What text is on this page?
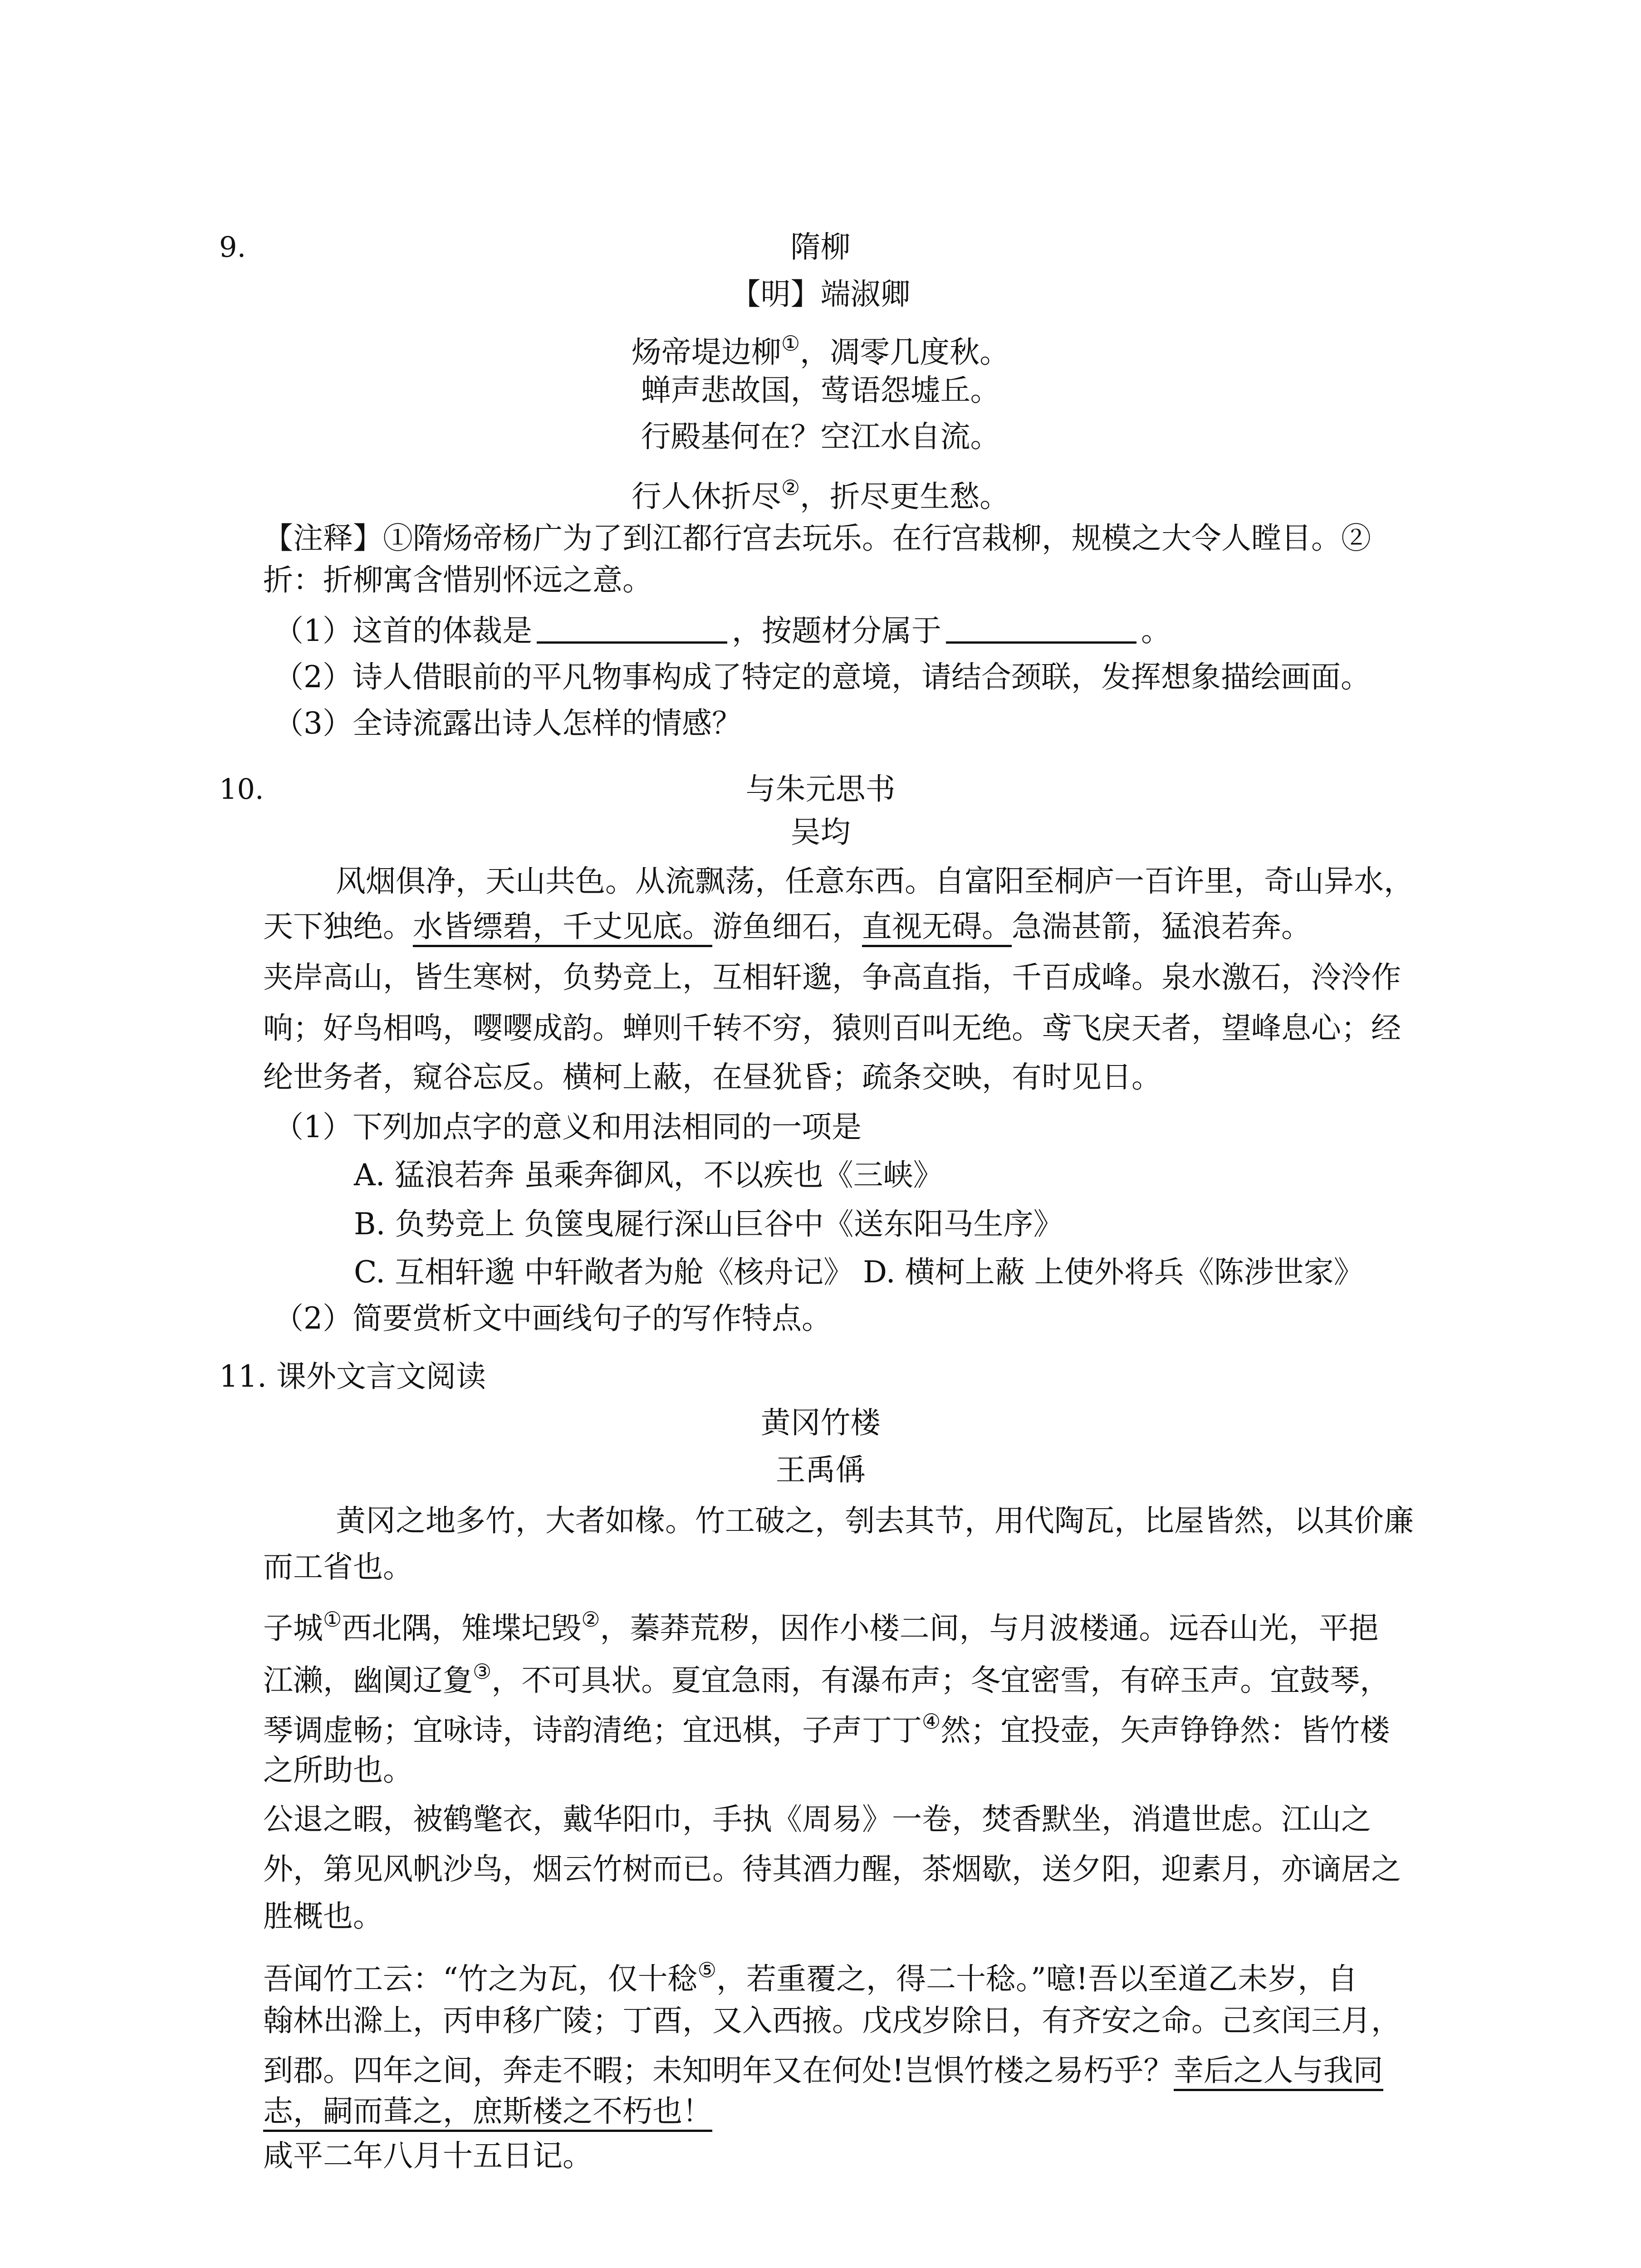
9.	隋柳
【明】端淑卿
炀帝堤边柳①，凋零几度秋。
蝉声悲故国，莺语怨墟丘。
行殿基何在？空江水自流。
行人休折尽②，折尽更生愁。
【注释】①隋炀帝杨广为了到江都行宫去玩乐。在行宫栽柳，规模之大令人瞠目。②
折：折柳寓含惜别怀远之意。
（1）这首的体裁是	，按题材分属于	。
（2）诗人借眼前的平凡物事构成了特定的意境，请结合颈联，发挥想象描绘画面。
（3）全诗流露出诗人怎样的情感？
10.	与朱元思书
吴均
风烟俱净，天山共色。从流飘荡，任意东西。自富阳至桐庐一百许里，奇山异水，
天下独绝。水皆缥碧，千丈见底。游鱼细石，直视无碍。急湍甚箭，猛浪若奔。
夹岸高山，皆生寒树，负势竞上，互相轩邈，争高直指，千百成峰。泉水激石，泠泠作
响；好鸟相鸣，嘤嘤成韵。蝉则千转不穷，猿则百叫无绝。鸢飞戾天者，望峰息心；经
纶世务者，窥谷忘反。横柯上蔽，在昼犹昏；疏条交映，有时见日。
（1）下列加点字的意义和用法相同的一项是
A. 猛浪若奔 虽乘奔御风，不以疾也《三峡》
B. 负势竞上 负箧曳屣行深山巨谷中《送东阳马生序》
C. 互相轩邈 中轩敞者为舱《核舟记》 D. 横柯上蔽 上使外将兵《陈涉世家》
（2）简要赏析文中画线句子的写作特点。
11. 课外文言文阅读
黄冈竹楼
王禹偁
黄冈之地多竹，大者如椽。竹工破之，刳去其节，用代陶瓦，比屋皆然，以其价廉
而工省也。
子城①西北隅，雉堞圮毁②，蓁莽荒秽，因作小楼二间，与月波楼通。远吞山光，平挹
江濑，幽阒辽夐③，不可具状。夏宜急雨，有瀑布声；冬宜密雪，有碎玉声。宜鼓琴，
琴调虚畅；宜咏诗，诗韵清绝；宜迅棋，子声丁丁④然；宜投壶，矢声铮铮然：皆竹楼
之所助也。
公退之暇，被鹤氅衣，戴华阳巾，手执《周易》一卷，焚香默坐，消遣世虑。江山之
外，第见风帆沙鸟，烟云竹树而已。待其酒力醒，茶烟歇，送夕阳，迎素月，亦谪居之
胜概也。
吾闻竹工云：“竹之为瓦，仅十稔⑤，若重覆之，得二十稔。”噫!吾以至道乙未岁，自
翰林出滁上，丙申移广陵；丁酉，又入西掖。戊戌岁除日，有齐安之命。己亥闰三月，
到郡。四年之间，奔走不暇；未知明年又在何处!岂惧竹楼之易朽乎？幸后之人与我同
志，嗣而葺之，庶斯楼之不朽也！
咸平二年八月十五日记。
